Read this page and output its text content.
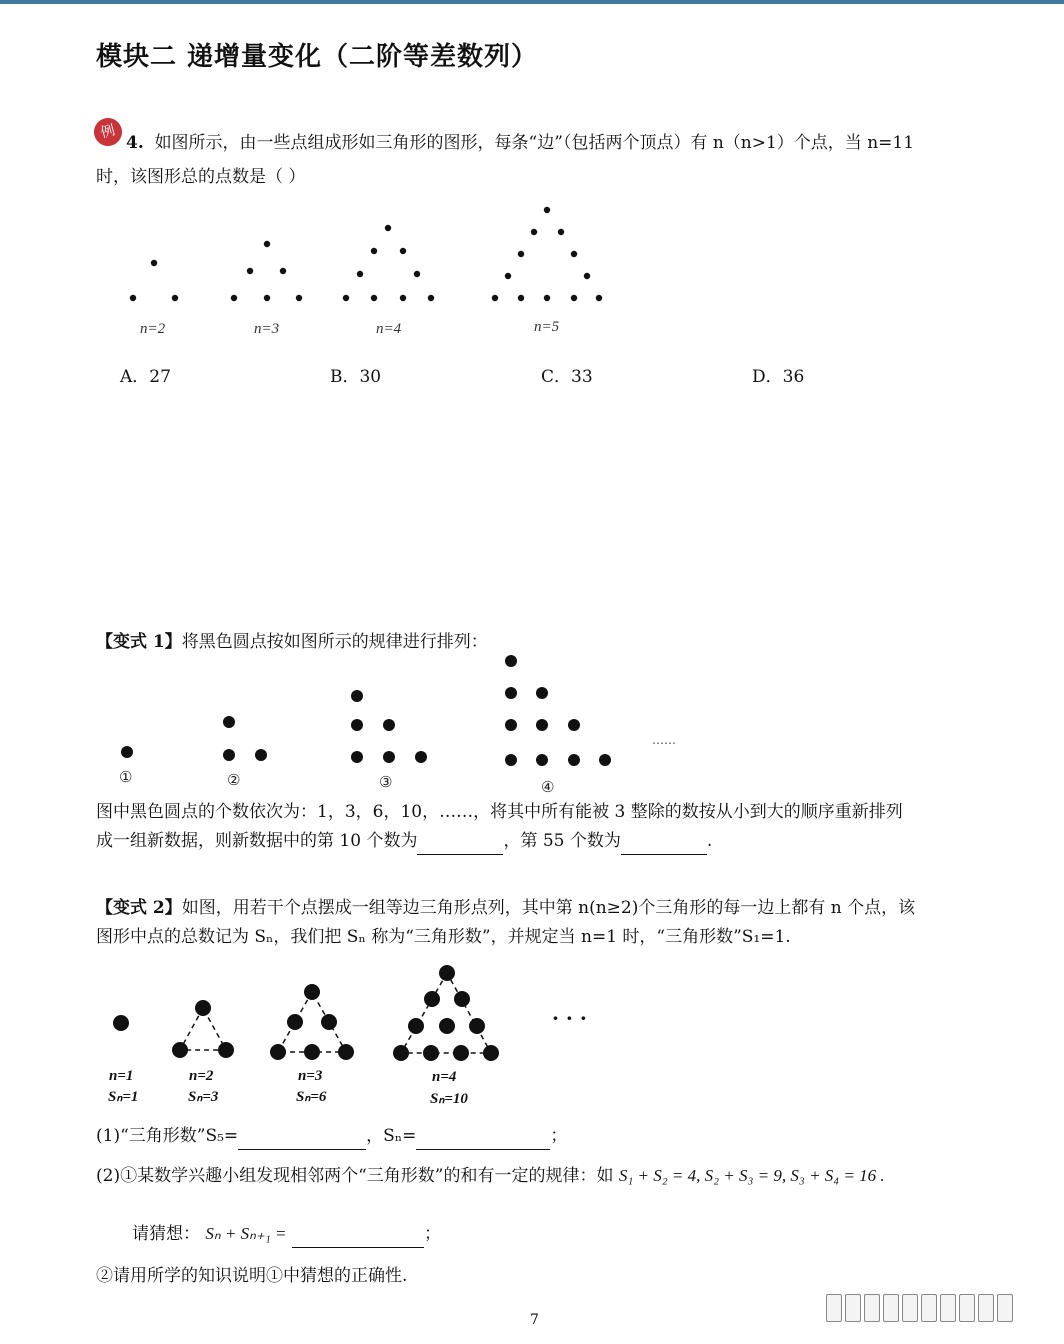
模块二 递增量变化（二阶等差数列）
例
4. 如图所示，由一些点组成形如三角形的图形，每条“边”（包括两个顶点）有 n（n>1）个点，当 n=11
时，该图形总的点数是（ ）
n=2	n=3	n=4	n=5
A．27	B．30	C．33	D．36
【变式 1】将黑色圆点按如图所示的规律进行排列：
①	②	③	④
……
图中黑色圆点的个数依次为：1，3，6，10，……，将其中所有能被 3 整除的数按从小到大的顺序重新排列
成一组新数据，则新数据中的第 10 个数为	，第 55 个数为	.
【变式 2】如图，用若干个点摆成一组等边三角形点列，其中第 n(n≥2)个三角形的每一边上都有 n 个点，该
图形中点的总数记为 Sₙ，我们把 Sₙ 称为“三角形数”，并规定当 n=1 时，“三角形数”S₁=1.
n=1
Sₙ=1
n=2
Sₙ=3
n=3
Sₙ=6
n=4
Sₙ=10
· · ·
(1)“三角形数”S₅=	，Sₙ=	；
(2)①某数学兴趣小组发现相邻两个“三角形数”的和有一定的规律：如 S₁ + S₂ = 4, S₂ + S₃ = 9, S₃ + S₄ = 16 .
请猜想： Sₙ + Sₙ₊₁ =	；
②请用所学的知识说明①中猜想的正确性.
7
